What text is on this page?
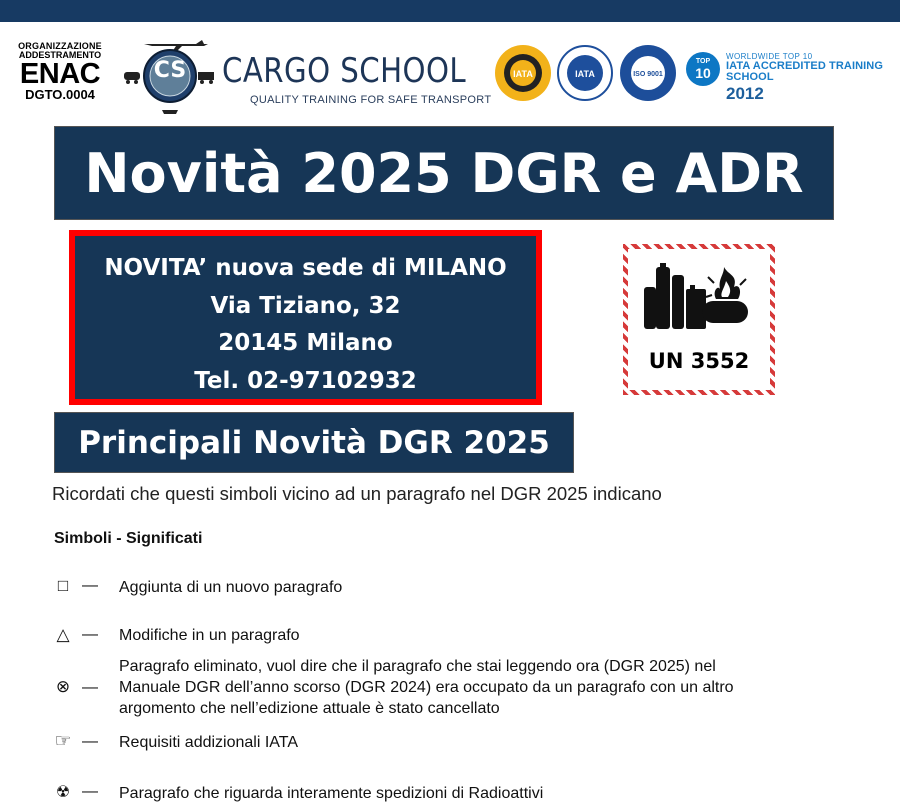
ORGANIZZAZIONE
ADDESTRAMENTO
ENAC
DGTO.0004
CS CARGO SCHOOL
QUALITY TRAINING FOR SAFE TRANSPORT
IATA	IATA	ISO 9001
TOP
10
WORLDWIDE TOP 10
IATA ACCREDITED TRAINING SCHOOL
2012
Novità 2025 DGR e ADR
NOVITA’ nuova sede di MILANO
Via Tiziano, 32
20145 Milano
Tel. 02-97102932
UN 3552
Principali Novità DGR 2025
Ricordati che questi simboli vicino ad un paragrafo nel DGR 2025 indicano
Simboli - Significati
□ — Aggiunta di un nuovo paragrafo
△ — Modifiche in un paragrafo
⊗ —
Paragrafo eliminato, vuol dire che il paragrafo che stai leggendo ora (DGR 2025) nel
Manuale DGR dell’anno scorso (DGR 2024) era occupato da un paragrafo con un altro
argomento che nell’edizione attuale è stato cancellato
☞ — Requisiti addizionali IATA
☢ — Paragrafo che riguarda interamente spedizioni di Radioattivi
